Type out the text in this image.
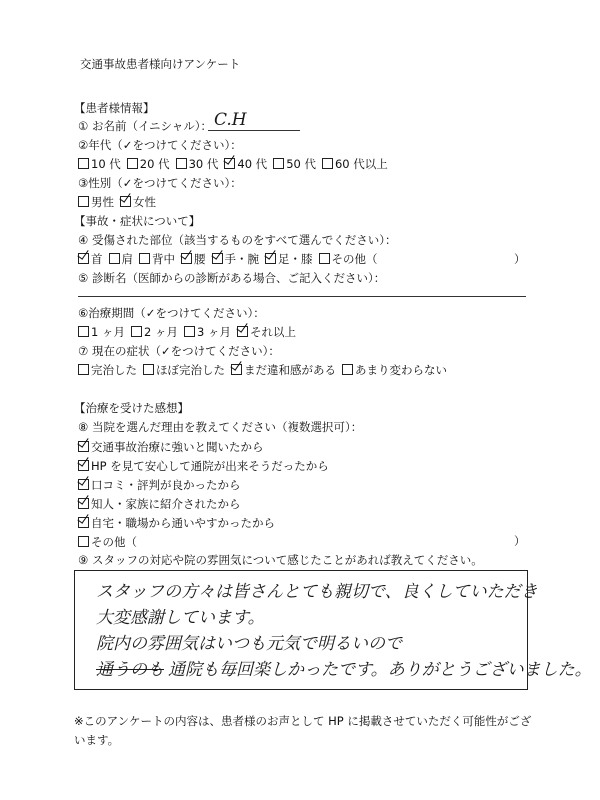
交通事故患者様向けアンケート
【患者様情報】
① お名前（イニシャル）： C.H
②年代（✓をつけてください）：
10 代 20 代 30 代 40 代 50 代 60 代以上
③性別（✓をつけてください）：
男性 女性
【事故・症状について】
④ 受傷された部位（該当するものをすべて選んでください）：
首 肩 背中 腰 手・腕 足・膝 その他（	）
⑤ 診断名（医師からの診断がある場合、ご記入ください）：
⑥治療期間（✓をつけてください）：
1 ヶ月 2 ヶ月 3 ヶ月 それ以上
⑦ 現在の症状（✓をつけてください）：
完治した ほぼ完治した まだ違和感がある あまり変わらない
【治療を受けた感想】
⑧ 当院を選んだ理由を教えてください（複数選択可）：
交通事故治療に強いと聞いたから
HP を見て安心して通院が出来そうだったから
口コミ・評判が良かったから
知人・家族に紹介されたから
自宅・職場から通いやすかったから
その他（	）
⑨ スタッフの対応や院の雰囲気について感じたことがあれば教えてください。
スタッフの方々は皆さんとても親切で、良くしていただき
大変感謝しています。
院内の雰囲気はいつも元気で明るいので
通うのも 通院も毎回楽しかったです。ありがとうございました。
※このアンケートの内容は、患者様のお声として HP に掲載させていただく可能性がござ
います。
